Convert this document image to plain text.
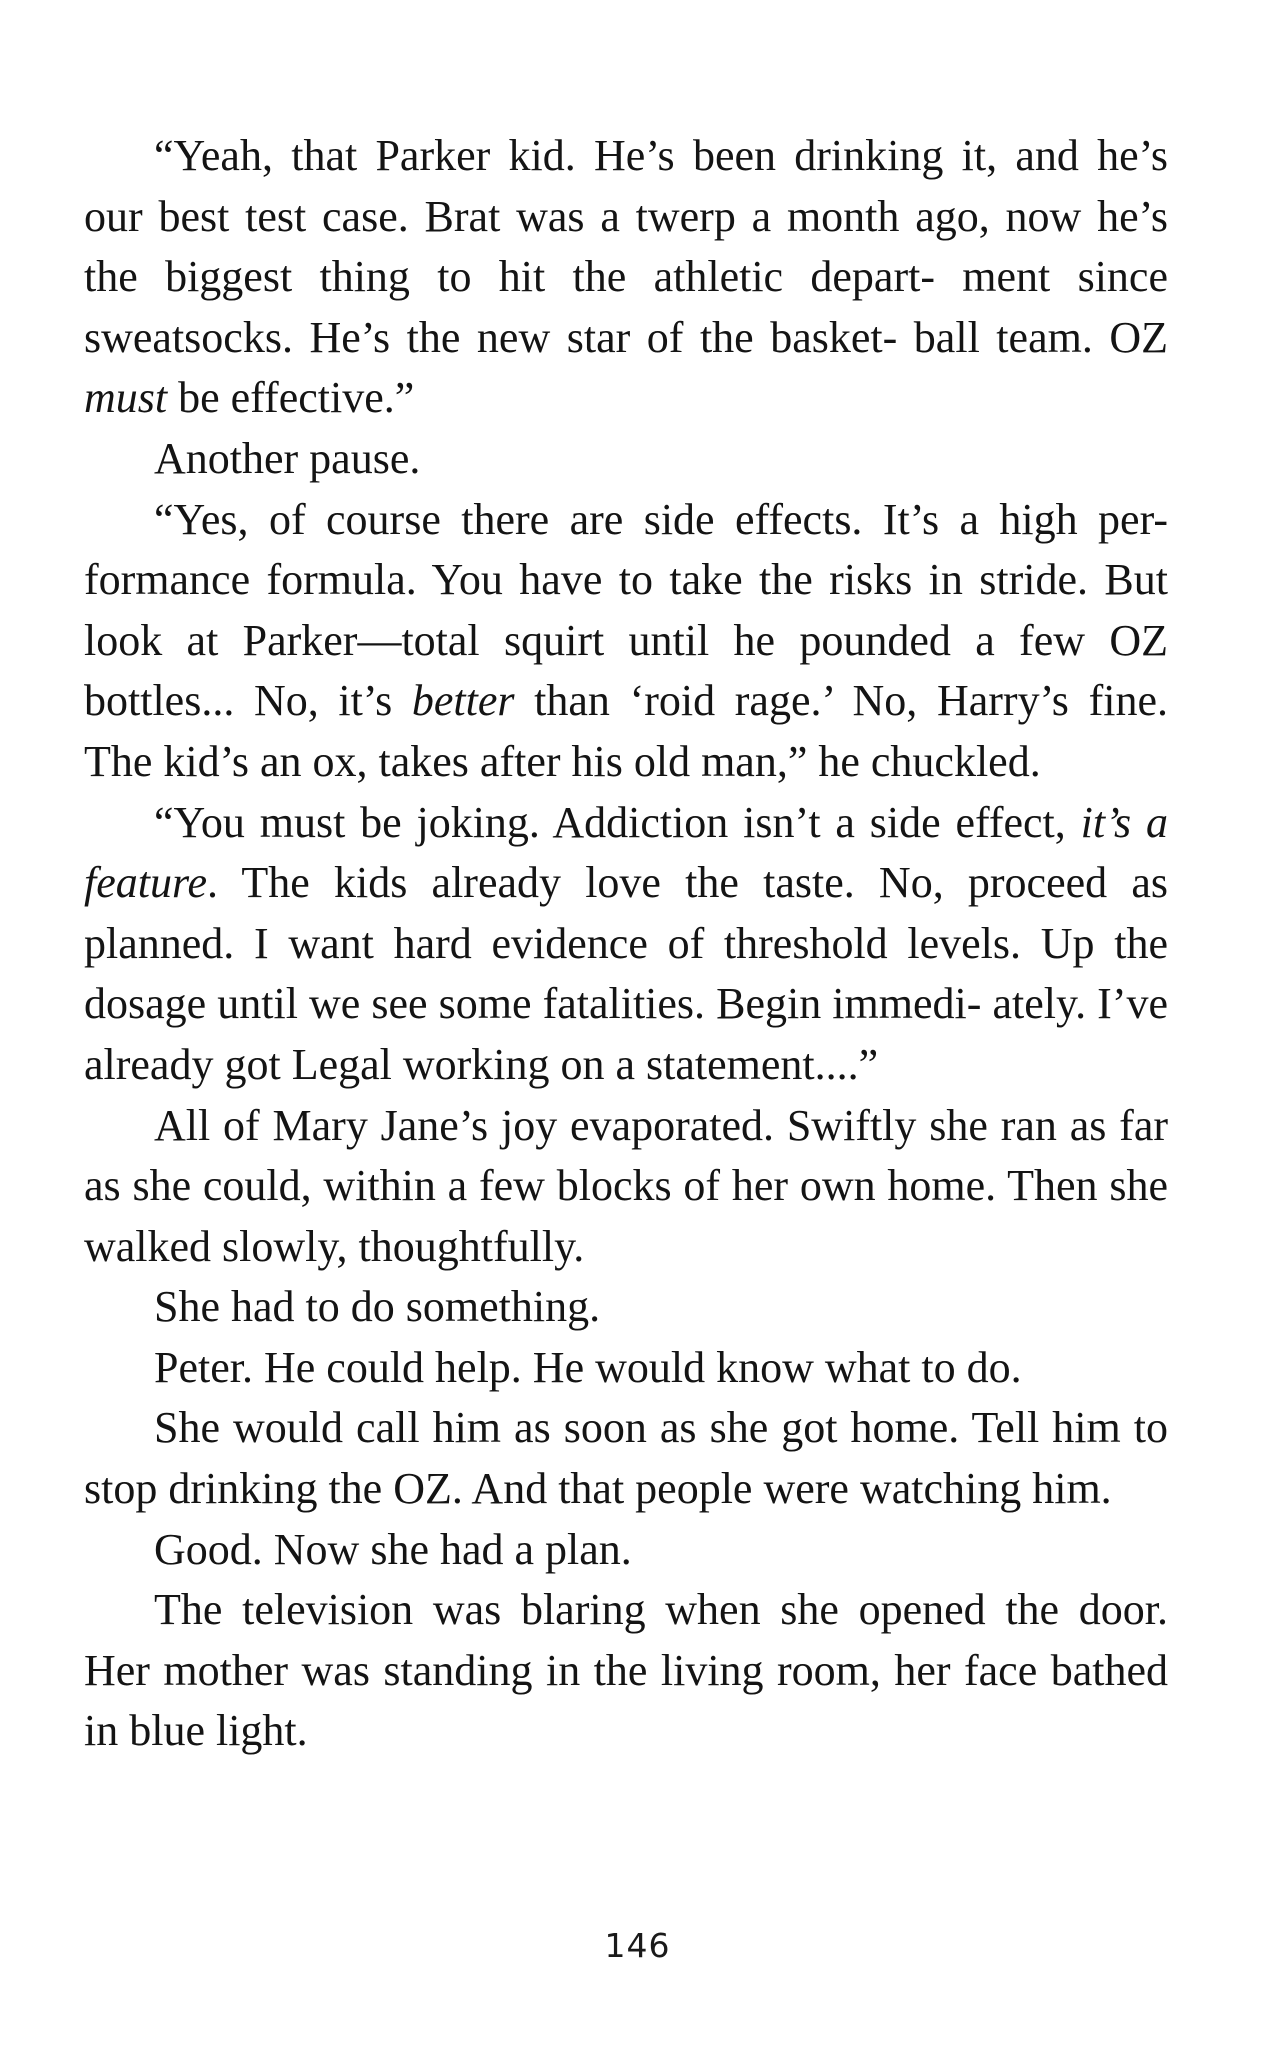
“Yeah, that Parker kid. He’s been drinking it, and he’s our best test case. Brat was a twerp a month ago, now he’s the biggest thing to hit the athletic depart- ment since sweatsocks. He’s the new star of the basket- ball team. OZ must be effective.”

Another pause.

“Yes, of course there are side effects. It’s a high per- formance formula. You have to take the risks in stride. But look at Parker—total squirt until he pounded a few OZ bottles... No, it’s better than ‘roid rage.’ No, Harry’s fine. The kid’s an ox, takes after his old man,” he chuckled.

“You must be joking. Addiction isn’t a side effect, it’s a feature. The kids already love the taste. No, proceed as planned. I want hard evidence of threshold levels. Up the dosage until we see some fatalities. Begin immedi- ately. I’ve already got Legal working on a statement....”

All of Mary Jane’s joy evaporated. Swiftly she ran as far as she could, within a few blocks of her own home. Then she walked slowly, thoughtfully.

She had to do something.

Peter. He could help. He would know what to do.

She would call him as soon as she got home. Tell him to stop drinking the OZ. And that people were watching him.

Good. Now she had a plan.

The television was blaring when she opened the door. Her mother was standing in the living room, her face bathed in blue light.

146
